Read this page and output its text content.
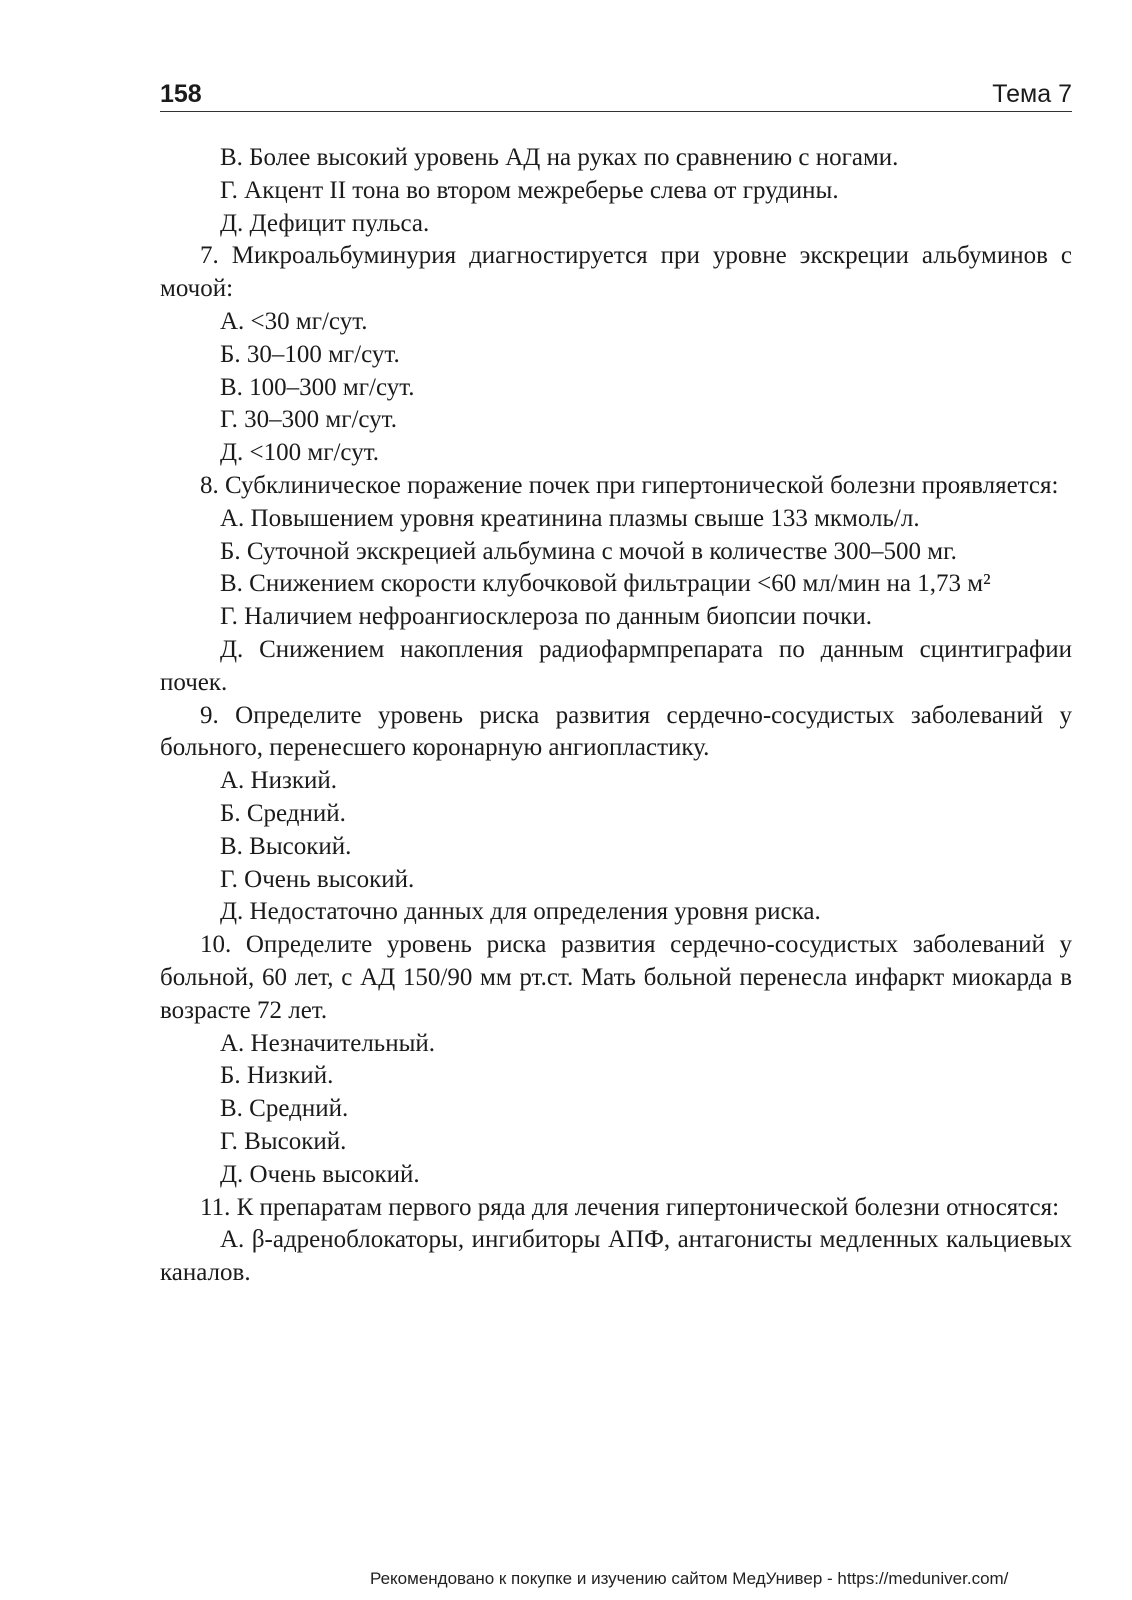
158	Тема 7

В. Более высокий уровень АД на руках по сравнению с ногами.

Г. Акцент II тона во втором межреберье слева от грудины.

Д. Дефицит пульса.

7. Микроальбуминурия диагностируется при уровне экскреции альбуминов с мочой:

А. <30 мг/сут.

Б. 30–100 мг/сут.

В. 100–300 мг/сут.

Г. 30–300 мг/сут.

Д. <100 мг/сут.

8. Субклиническое поражение почек при гипертонической болезни проявляется:

А. Повышением уровня креатинина плазмы свыше 133 мкмоль/л.

Б. Суточной экскрецией альбумина с мочой в количестве 300–500 мг.

В. Снижением скорости клубочковой фильтрации <60 мл/мин на 1,73 м²

Г. Наличием нефроангиосклероза по данным биопсии почки.

Д. Снижением накопления радиофармпрепарата по данным сцинтиграфии почек.

9. Определите уровень риска развития сердечно-сосудистых заболеваний у больного, перенесшего коронарную ангиопластику.

А. Низкий.

Б. Средний.

В. Высокий.

Г. Очень высокий.

Д. Недостаточно данных для определения уровня риска.

10. Определите уровень риска развития сердечно-сосудистых заболеваний у больной, 60 лет, с АД 150/90 мм рт.ст. Мать больной перенесла инфаркт миокарда в возрасте 72 лет.

А. Незначительный.

Б. Низкий.

В. Средний.

Г. Высокий.

Д. Очень высокий.

11. К препаратам первого ряда для лечения гипертонической болезни относятся:

А. β-адреноблокаторы, ингибиторы АПФ, антагонисты медленных кальциевых каналов.

Рекомендовано к покупке и изучению сайтом МедУнивер - https://meduniver.com/
